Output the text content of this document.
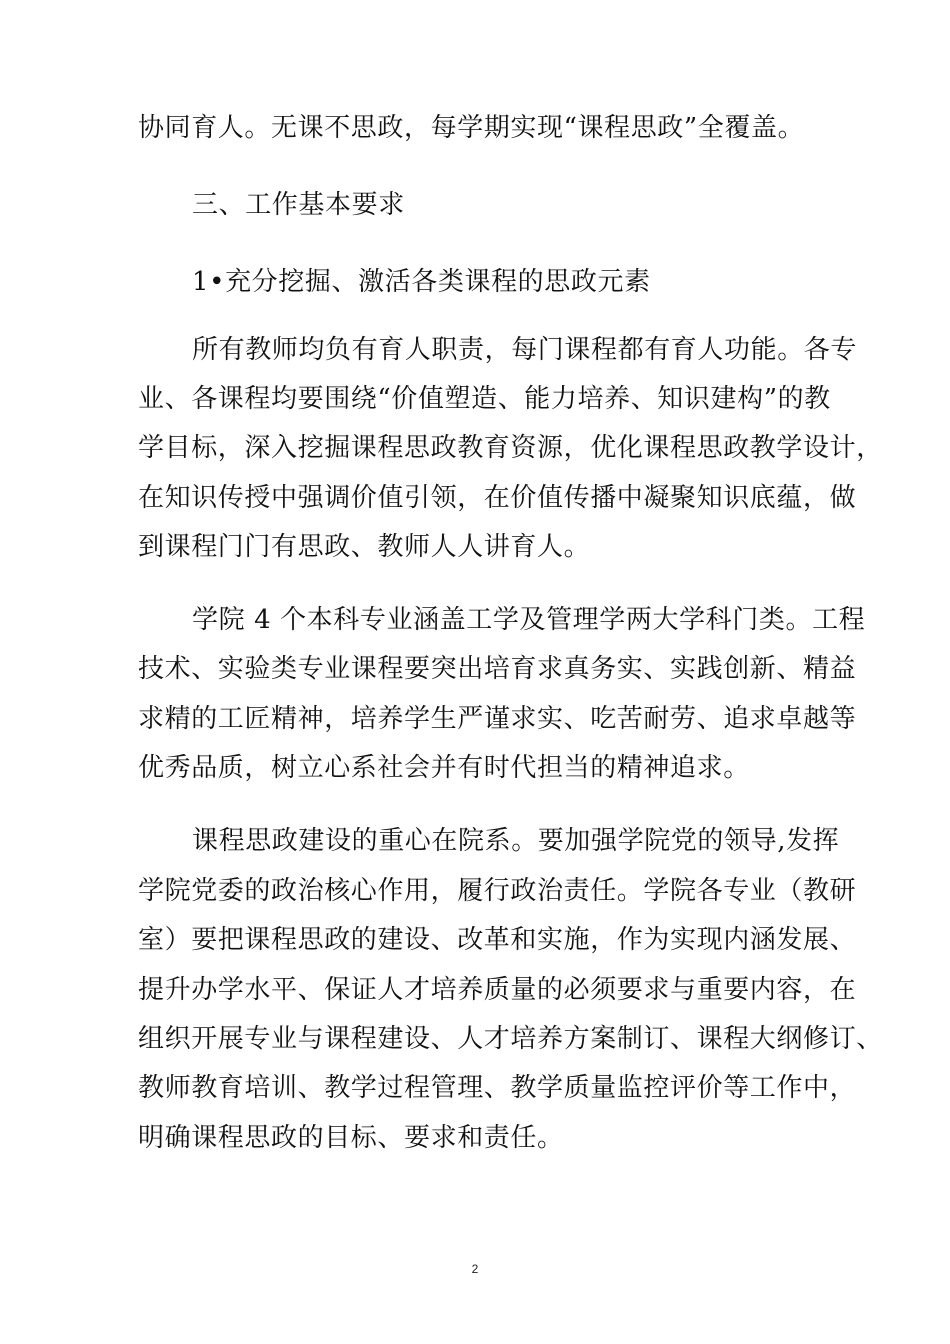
协同育人。无课不思政，每学期实现“课程思政”全覆盖。
三、工作基本要求
1•充分挖掘、激活各类课程的思政元素
所有教师均负有育人职责，每门课程都有育人功能。各专
业、各课程均要围绕“价值塑造、能力培养、知识建构”的教
学目标，深入挖掘课程思政教育资源，优化课程思政教学设计，
在知识传授中强调价值引领，在价值传播中凝聚知识底蕴，做
到课程门门有思政、教师人人讲育人。
学院 4 个本科专业涵盖工学及管理学两大学科门类。工程
技术、实验类专业课程要突出培育求真务实、实践创新、精益
求精的工匠精神，培养学生严谨求实、吃苦耐劳、追求卓越等
优秀品质，树立心系社会并有时代担当的精神追求。
课程思政建设的重心在院系。要加强学院党的领导,发挥
学院党委的政治核心作用，履行政治责任。学院各专业（教研
室）要把课程思政的建设、改革和实施，作为实现内涵发展、
提升办学水平、保证人才培养质量的必须要求与重要内容，在
组织开展专业与课程建设、人才培养方案制订、课程大纲修订、
教师教育培训、教学过程管理、教学质量监控评价等工作中，
明确课程思政的目标、要求和责任。
2
